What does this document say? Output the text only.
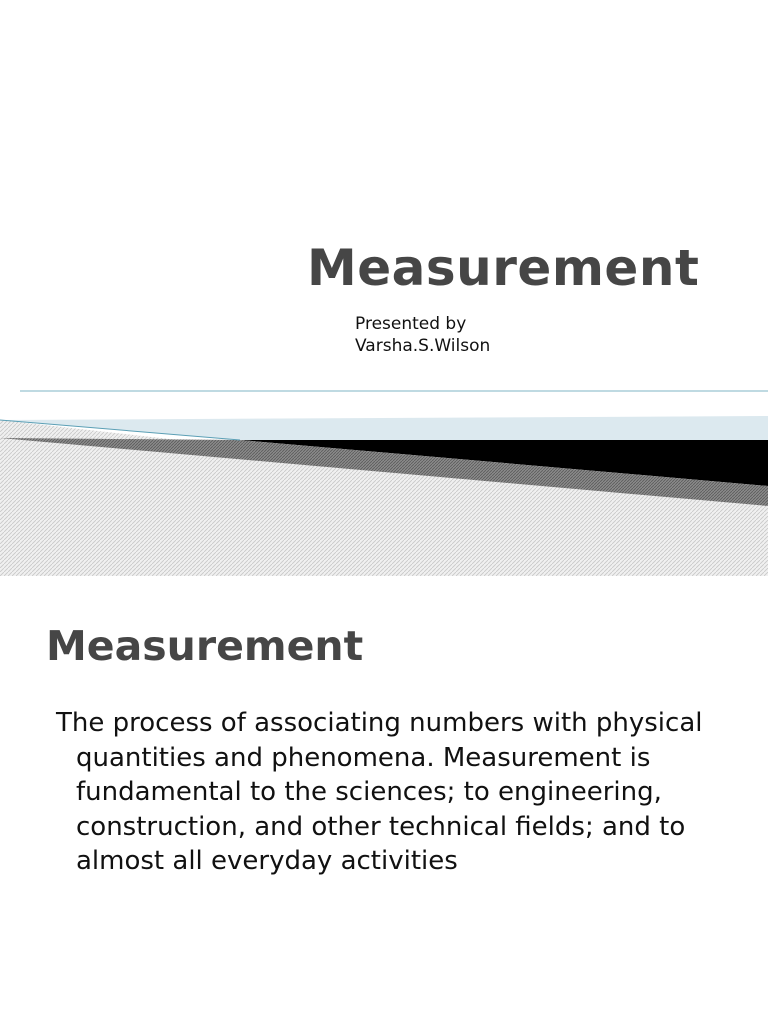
Measurement
Presented by
Varsha.S.Wilson
Measurement
The process of associating numbers with physical quantities and phenomena. Measurement is fundamental to the sciences; to engineering, construction, and other technical fields; and to almost all everyday activities
